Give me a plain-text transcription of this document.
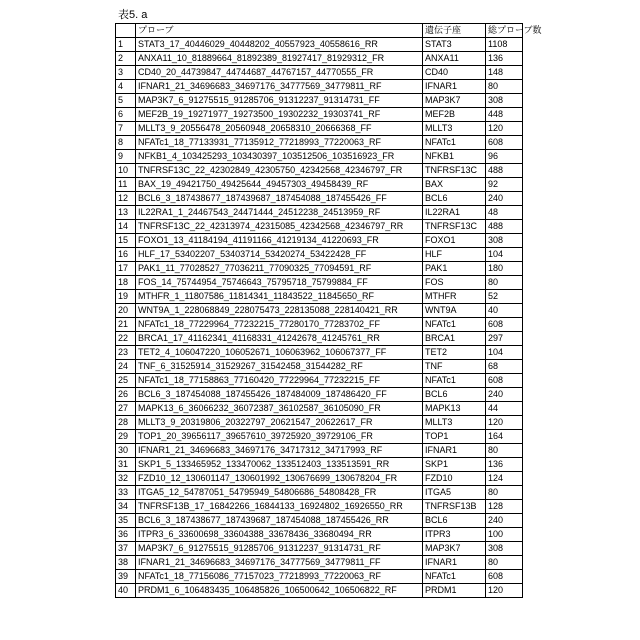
表5. a
	プローブ	遺伝子座	総プローブ数
1	STAT3_17_40446029_40448202_40557923_40558616_RR	STAT3	1108
2	ANXA11_10_81889664_81892389_81927417_81929312_FR	ANXA11	136
3	CD40_20_44739847_44744687_44767157_44770555_FR	CD40	148
4	IFNAR1_21_34696683_34697176_34777569_34779811_RF	IFNAR1	80
5	MAP3K7_6_91275515_91285706_91312237_91314731_FF	MAP3K7	308
6	MEF2B_19_19271977_19273500_19302232_19303741_RF	MEF2B	448
7	MLLT3_9_20556478_20560948_20658310_20666368_FF	MLLT3	120
8	NFATc1_18_77133931_77135912_77218993_77220063_RF	NFATc1	608
9	NFKB1_4_103425293_103430397_103512506_103516923_FR	NFKB1	96
10	TNFRSF13C_22_42302849_42305750_42342568_42346797_FR	TNFRSF13C	488
11	BAX_19_49421750_49425644_49457303_49458439_RF	BAX	92
12	BCL6_3_187438677_187439687_187454088_187455426_FF	BCL6	240
13	IL22RA1_1_24467543_24471444_24512238_24513959_RF	IL22RA1	48
14	TNFRSF13C_22_42313974_42315085_42342568_42346797_RR	TNFRSF13C	488
15	FOXO1_13_41184194_41191166_41219134_41220693_FR	FOXO1	308
16	HLF_17_53402207_53403714_53420274_53422428_FF	HLF	104
17	PAK1_11_77028527_77036211_77090325_77094591_RF	PAK1	180
18	FOS_14_75744954_75746643_75795718_75799884_FF	FOS	80
19	MTHFR_1_11807586_11814341_11843522_11845650_RF	MTHFR	52
20	WNT9A_1_228068849_228075473_228135088_228140421_RR	WNT9A	40
21	NFATc1_18_77229964_77232215_77280170_77283702_FF	NFATc1	608
22	BRCA1_17_41162341_41168331_41242678_41245761_RR	BRCA1	297
23	TET2_4_106047220_106052671_106063962_106067377_FF	TET2	104
24	TNF_6_31525914_31529267_31542458_31544282_RF	TNF	68
25	NFATc1_18_77158863_77160420_77229964_77232215_FF	NFATc1	608
26	BCL6_3_187454088_187455426_187484009_187486420_FF	BCL6	240
27	MAPK13_6_36066232_36072387_36102587_36105090_FR	MAPK13	44
28	MLLT3_9_20319806_20322797_20621547_20622617_FR	MLLT3	120
29	TOP1_20_39656117_39657610_39725920_39729106_FR	TOP1	164
30	IFNAR1_21_34696683_34697176_34717312_34717993_RF	IFNAR1	80
31	SKP1_5_133465952_133470062_133512403_133513591_RR	SKP1	136
32	FZD10_12_130601147_130601992_130676699_130678204_FR	FZD10	124
33	ITGA5_12_54787051_54795949_54806686_54808428_FR	ITGA5	80
34	TNFRSF13B_17_16842266_16844133_16924802_16926550_RR	TNFRSF13B	128
35	BCL6_3_187438677_187439687_187454088_187455426_RR	BCL6	240
36	ITPR3_6_33600698_33604388_33678436_33680494_RR	ITPR3	100
37	MAP3K7_6_91275515_91285706_91312237_91314731_RF	MAP3K7	308
38	IFNAR1_21_34696683_34697176_34777569_34779811_FF	IFNAR1	80
39	NFATc1_18_77156086_77157023_77218993_77220063_RF	NFATc1	608
40	PRDM1_6_106483435_106485826_106500642_106506822_RF	PRDM1	120
